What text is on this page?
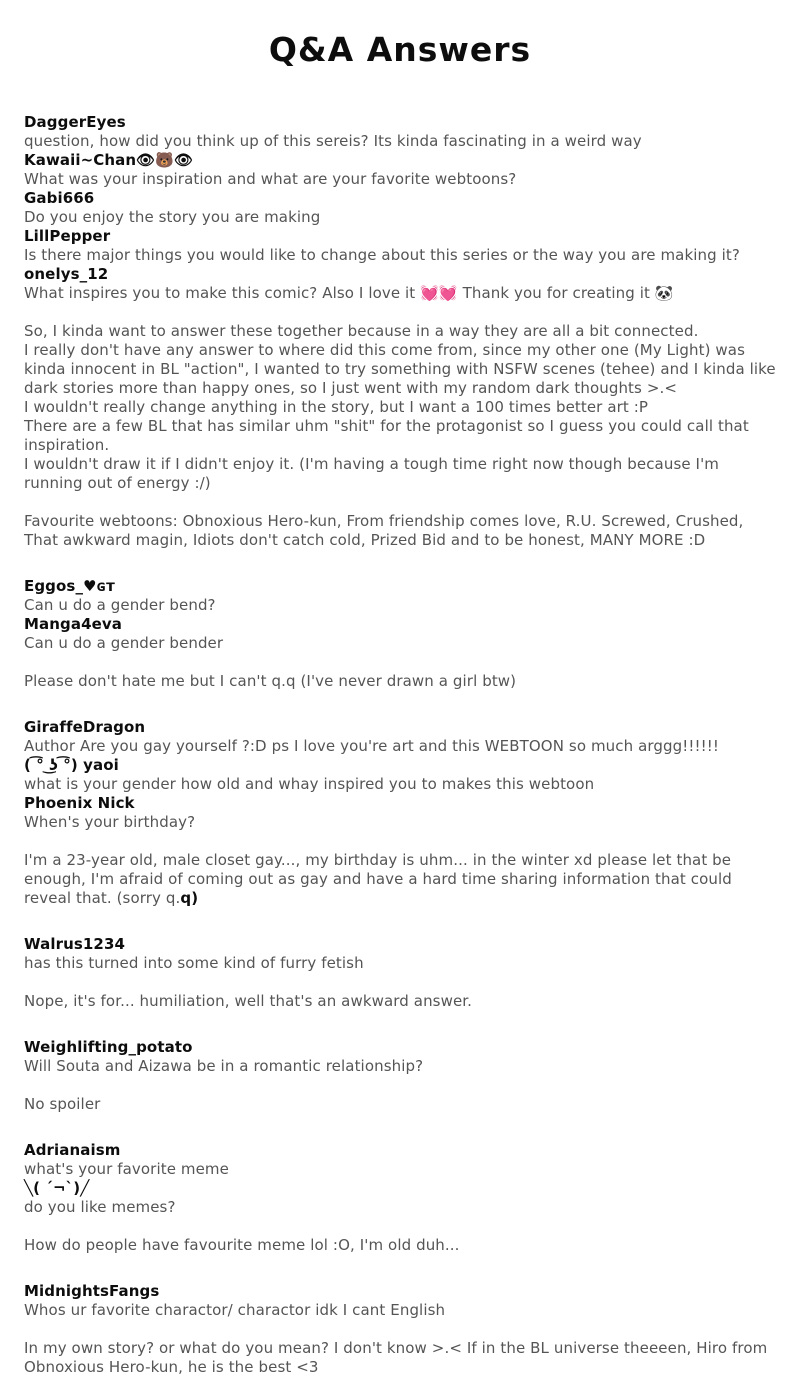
Q&A Answers
DaggerEyes
question, how did you think up of this sereis? Its kinda fascinating in a weird way
Kawaii~Chan👁🐻👁
What was your inspiration and what are your favorite webtoons?
Gabi666
Do you enjoy the story you are making
LillPepper
Is there major things you would like to change about this series or the way you are making it?
onelys_12
What inspires you to make this comic? Also I love it 💓💓 Thank you for creating it 🐼
So, I kinda want to answer these together because in a way they are all a bit connected.
I really don't have any answer to where did this come from, since my other one (My Light) was kinda innocent in BL "action", I wanted to try something with NSFW scenes (tehee) and I kinda like dark stories more than happy ones, so I just went with my random dark thoughts >.<
I wouldn't really change anything in the story, but I want a 100 times better art :P
There are a few BL that has similar uhm "shit" for the protagonist so I guess you could call that inspiration.
I wouldn't draw it if I didn't enjoy it. (I'm having a tough time right now though because I'm running out of energy :/)
Favourite webtoons: Obnoxious Hero-kun, From friendship comes love, R.U. Screwed, Crushed, That awkward magin, Idiots don't catch cold, Prized Bid and to be honest, MANY MORE :D
Eggos_♥ɢᴛ
Can u do a gender bend?
Manga4eva
Can u do a gender bender
Please don't hate me but I can't q.q (I've never drawn a girl btw)
GiraffeDragon
Author Are you gay yourself ?:D ps I love you're art and this WEBTOON so much arggg!!!!!!
( ͡° ͜ʖ ͡°) yaoi
what is your gender how old and whay inspired you to makes this webtoon
Phoenix Nick
When's your birthday?
I'm a 23-year old, male closet gay..., my birthday is uhm... in the winter xd please let that be enough, I'm afraid of coming out as gay and have a hard time sharing information that could reveal that. (sorry q.q)
Walrus1234
has this turned into some kind of furry fetish
Nope, it's for... humiliation, well that's an awkward answer.
Weighlifting_potato
Will Souta and Aizawa be in a romantic relationship?
No spoiler
Adrianaism
what's your favorite meme
╲( ´¬`)╱
do you like memes?
How do people have favourite meme lol :O, I'm old duh...
MidnightsFangs
Whos ur favorite charactor/ charactor idk I cant English
In my own story? or what do you mean? I don't know >.< If in the BL universe theeeen, Hiro from Obnoxious Hero-kun, he is the best <3
